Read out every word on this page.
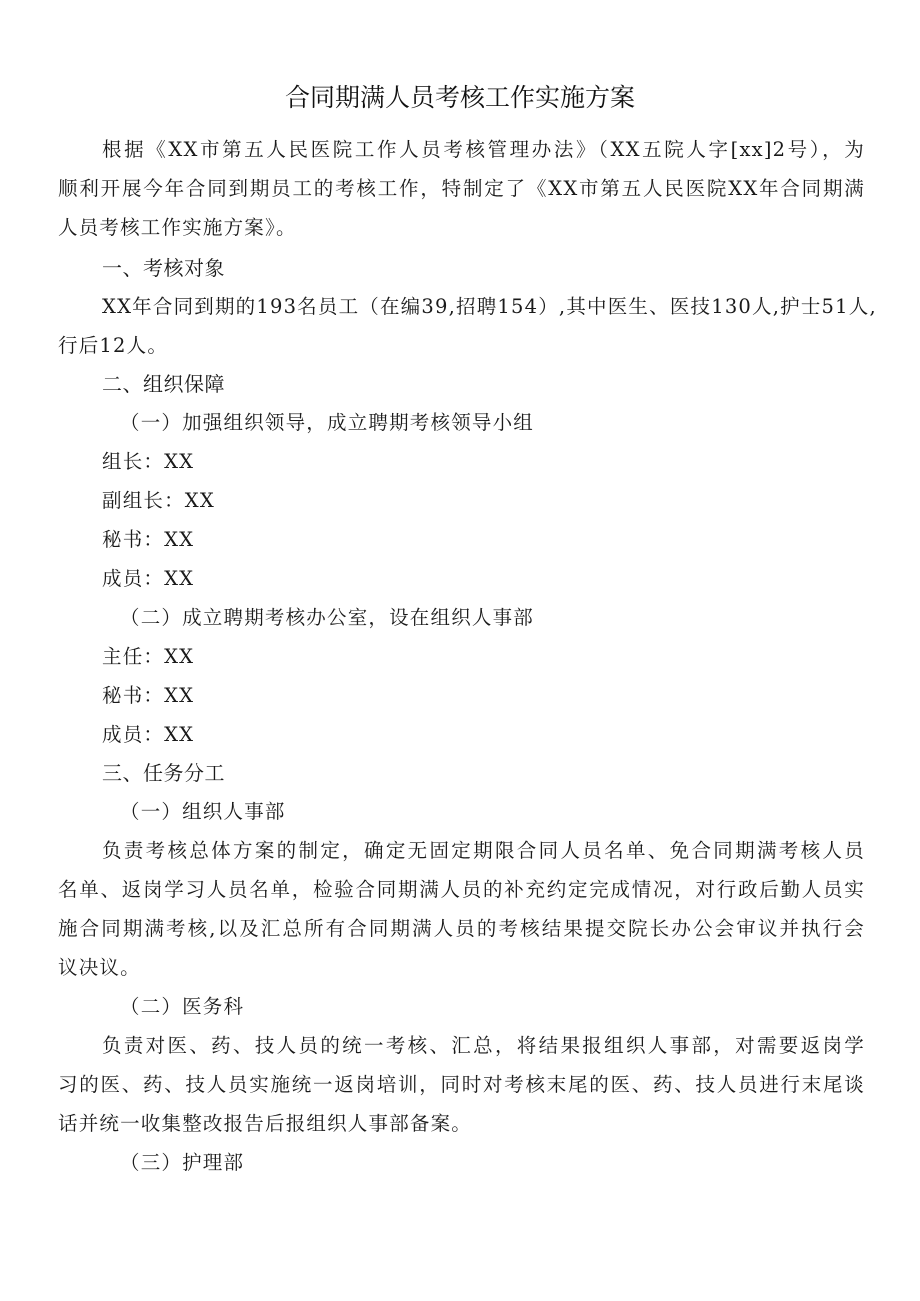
合同期满人员考核工作实施方案
根据《XX市第五人民医院工作人员考核管理办法》（XX五院人字[xx]2号），为
顺利开展今年合同到期员工的考核工作，特制定了《XX市第五人民医院XX年合同期满
人员考核工作实施方案》。
一、考核对象
XX年合同到期的193名员工（在编39,招聘154）,其中医生、医技130人,护士51人,
行后12人。
二、组织保障
（一）加强组织领导，成立聘期考核领导小组
组长：XX
副组长：XX
秘书：XX
成员：XX
（二）成立聘期考核办公室，设在组织人事部
主任：XX
秘书：XX
成员：XX
三、任务分工
（一）组织人事部
负责考核总体方案的制定，确定无固定期限合同人员名单、免合同期满考核人员
名单、返岗学习人员名单，检验合同期满人员的补充约定完成情况，对行政后勤人员实
施合同期满考核,以及汇总所有合同期满人员的考核结果提交院长办公会审议并执行会
议决议。
（二）医务科
负责对医、药、技人员的统一考核、汇总，将结果报组织人事部，对需要返岗学
习的医、药、技人员实施统一返岗培训，同时对考核末尾的医、药、技人员进行末尾谈
话并统一收集整改报告后报组织人事部备案。
（三）护理部
